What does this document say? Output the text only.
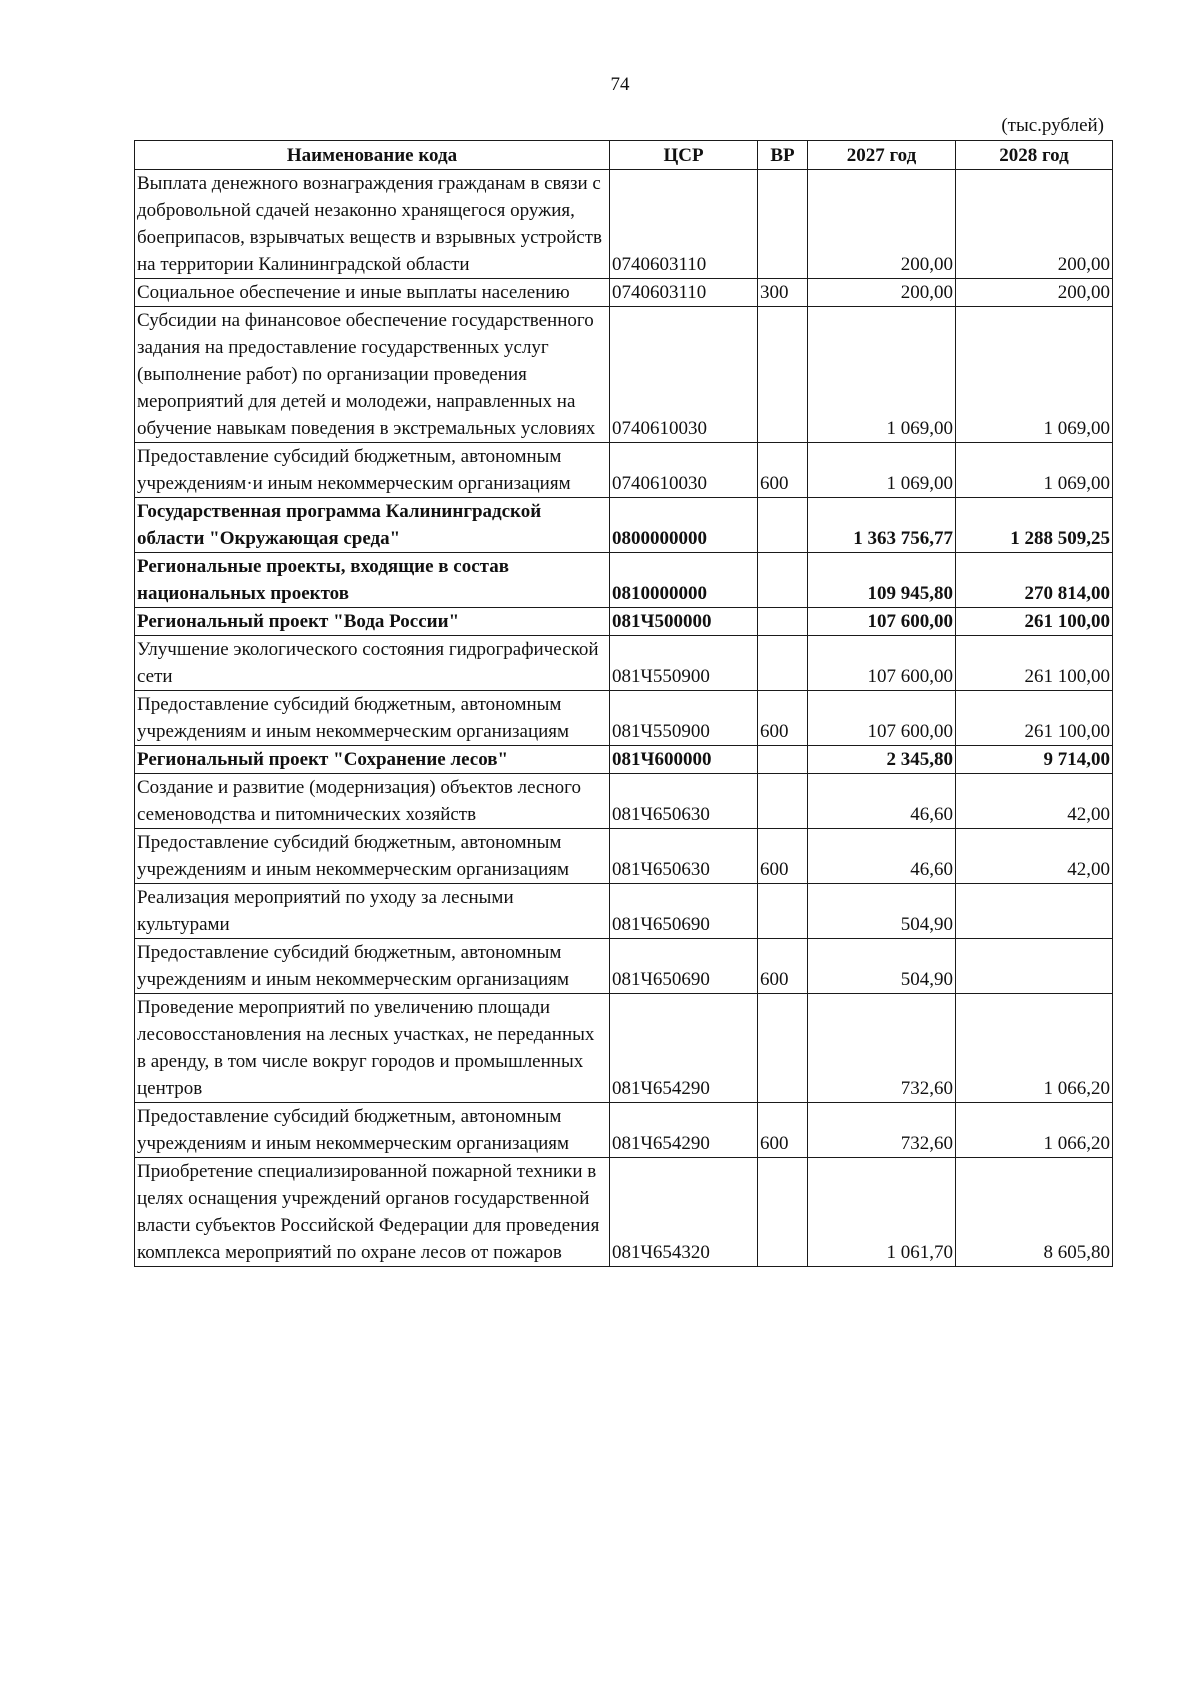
74
(тыс.рублей)
Наименование кода	ЦСР	ВР	2027 год	2028 год
Выплата денежного вознаграждения гражданам в связи с добровольной сдачей незаконно хранящегося оружия, боеприпасов, взрывчатых веществ и взрывных устройств на территории Калининградской области	0740603110		200,00	200,00
Социальное обеспечение и иные выплаты населению	0740603110	300	200,00	200,00
Субсидии на финансовое обеспечение государственного задания на предоставление государственных услуг (выполнение работ) по организации проведения мероприятий для детей и молодежи, направленных на обучение навыкам поведения в экстремальных условиях	0740610030		1 069,00	1 069,00
Предоставление субсидий бюджетным, автономным учреждениям·и иным некоммерческим организациям	0740610030	600	1 069,00	1 069,00
Государственная программа Калининградской области "Окружающая среда"	0800000000		1 363 756,77	1 288 509,25
Региональные проекты, входящие в состав национальных проектов	0810000000		109 945,80	270 814,00
Региональный проект "Вода России"	081Ч500000		107 600,00	261 100,00
Улучшение экологического состояния гидрографической сети	081Ч550900		107 600,00	261 100,00
Предоставление субсидий бюджетным, автономным учреждениям и иным некоммерческим организациям	081Ч550900	600	107 600,00	261 100,00
Региональный проект "Сохранение лесов"	081Ч600000		2 345,80	9 714,00
Создание и развитие (модернизация) объектов лесного семеноводства и питомнических хозяйств	081Ч650630		46,60	42,00
Предоставление субсидий бюджетным, автономным учреждениям и иным некоммерческим организациям	081Ч650630	600	46,60	42,00
Реализация мероприятий по уходу за лесными культурами	081Ч650690		504,90	
Предоставление субсидий бюджетным, автономным учреждениям и иным некоммерческим организациям	081Ч650690	600	504,90	
Проведение мероприятий по увеличению площади лесовосстановления на лесных участках, не переданных в аренду, в том числе вокруг городов и промышленных центров	081Ч654290		732,60	1 066,20
Предоставление субсидий бюджетным, автономным учреждениям и иным некоммерческим организациям	081Ч654290	600	732,60	1 066,20
Приобретение специализированной пожарной техники в целях оснащения учреждений органов государственной власти субъектов Российской Федерации для проведения комплекса мероприятий по охране лесов от пожаров	081Ч654320		1 061,70	8 605,80
